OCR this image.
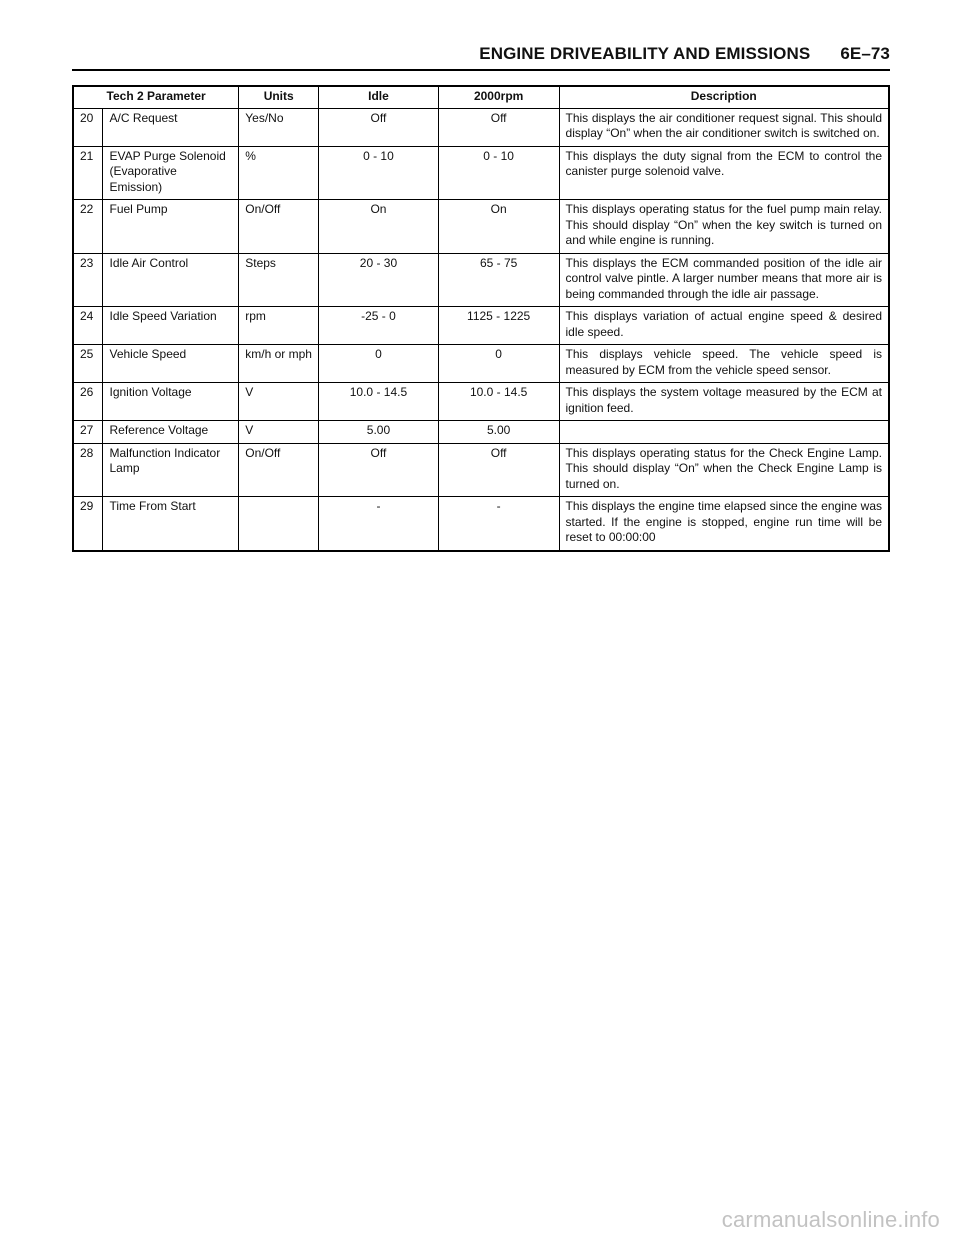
ENGINE DRIVEABILITY AND EMISSIONS 6E–73
Tech 2 Parameter		Units	Idle	2000rpm	Description
20	A/C Request	Yes/No	Off	Off	This displays the air conditioner request signal. This should display “On” when the air conditioner switch is switched on.
21	EVAP Purge Solenoid (Evaporative Emission)	%	0 - 10	0 - 10	This displays the duty signal from the ECM to control the canister purge solenoid valve.
22	Fuel Pump	On/Off	On	On	This displays operating status for the fuel pump main relay. This should display “On” when the key switch is turned on and while engine is running.
23	Idle Air Control	Steps	20 - 30	65 - 75	This displays the ECM commanded position of the idle air control valve pintle. A larger number means that more air is being commanded through the idle air passage.
24	Idle Speed Variation	rpm	-25 - 0	1125 - 1225	This displays variation of actual engine speed & desired idle speed.
25	Vehicle Speed	km/h or mph	0	0	This displays vehicle speed. The vehicle speed is measured by ECM from the vehicle speed sensor.
26	Ignition Voltage	V	10.0 - 14.5	10.0 - 14.5	This displays the system voltage measured by the ECM at ignition feed.
27	Reference Voltage	V	5.00	5.00	
28	Malfunction Indicator Lamp	On/Off	Off	Off	This displays operating status for the Check Engine Lamp. This should display “On” when the Check Engine Lamp is turned on.
29	Time From Start		-	-	This displays the engine time elapsed since the engine was started. If the engine is stopped, engine run time will be reset to 00:00:00
carmanualsonline.info
